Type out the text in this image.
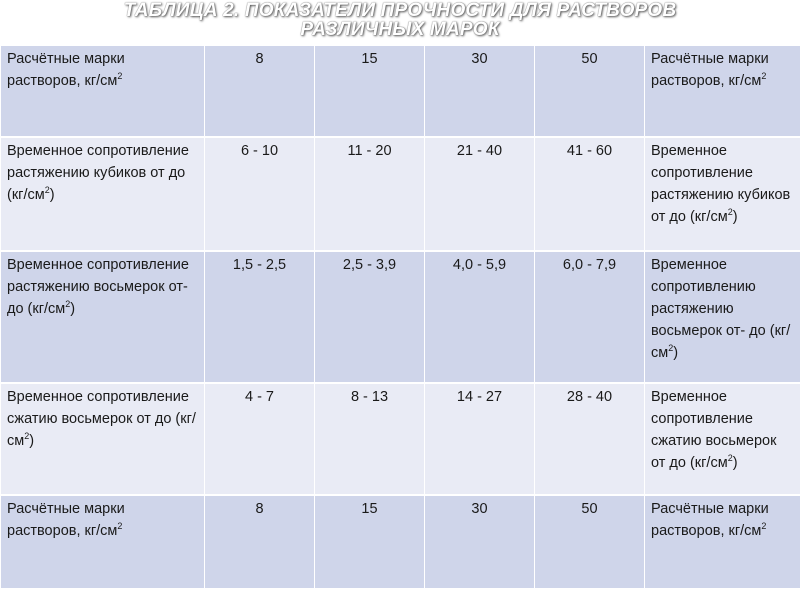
ТАБЛИЦА 2. ПОКАЗАТЕЛИ ПРОЧНОСТИ ДЛЯ РАСТВОРОВ
РАЗЛИЧНЫХ МАРОК
Расчётные марки растворов, $кг/см^2$	8	15	30	50	Расчётные марки растворов, $кг/см^2$
Временное сопротивление растяжению кубиков от до $(кг/см^2)$	6 - 10	11 - 20	21 - 40	41 - 60	Временное сопротивление растяжению кубиков от до $(кг/см^2)$
Временное сопротивление растяжению восьмерок от- до $(кг/см^2)$	1,5 - 2,5	2,5 - 3,9	4,0 - 5,9	6,0 - 7,9	Временное сопротивлению растяжению восьмерок от- до $(кг/см^2)$
Временное сопротивление сжатию восьмерок от до $(кг/см^2)$	4 - 7	8 - 13	14 - 27	28 - 40	Временное сопротивление сжатию восьмерок от до $(кг/см^2)$
Расчётные марки растворов, $кг/см^2$	8	15	30	50	Расчётные марки растворов, $кг/см^2$
